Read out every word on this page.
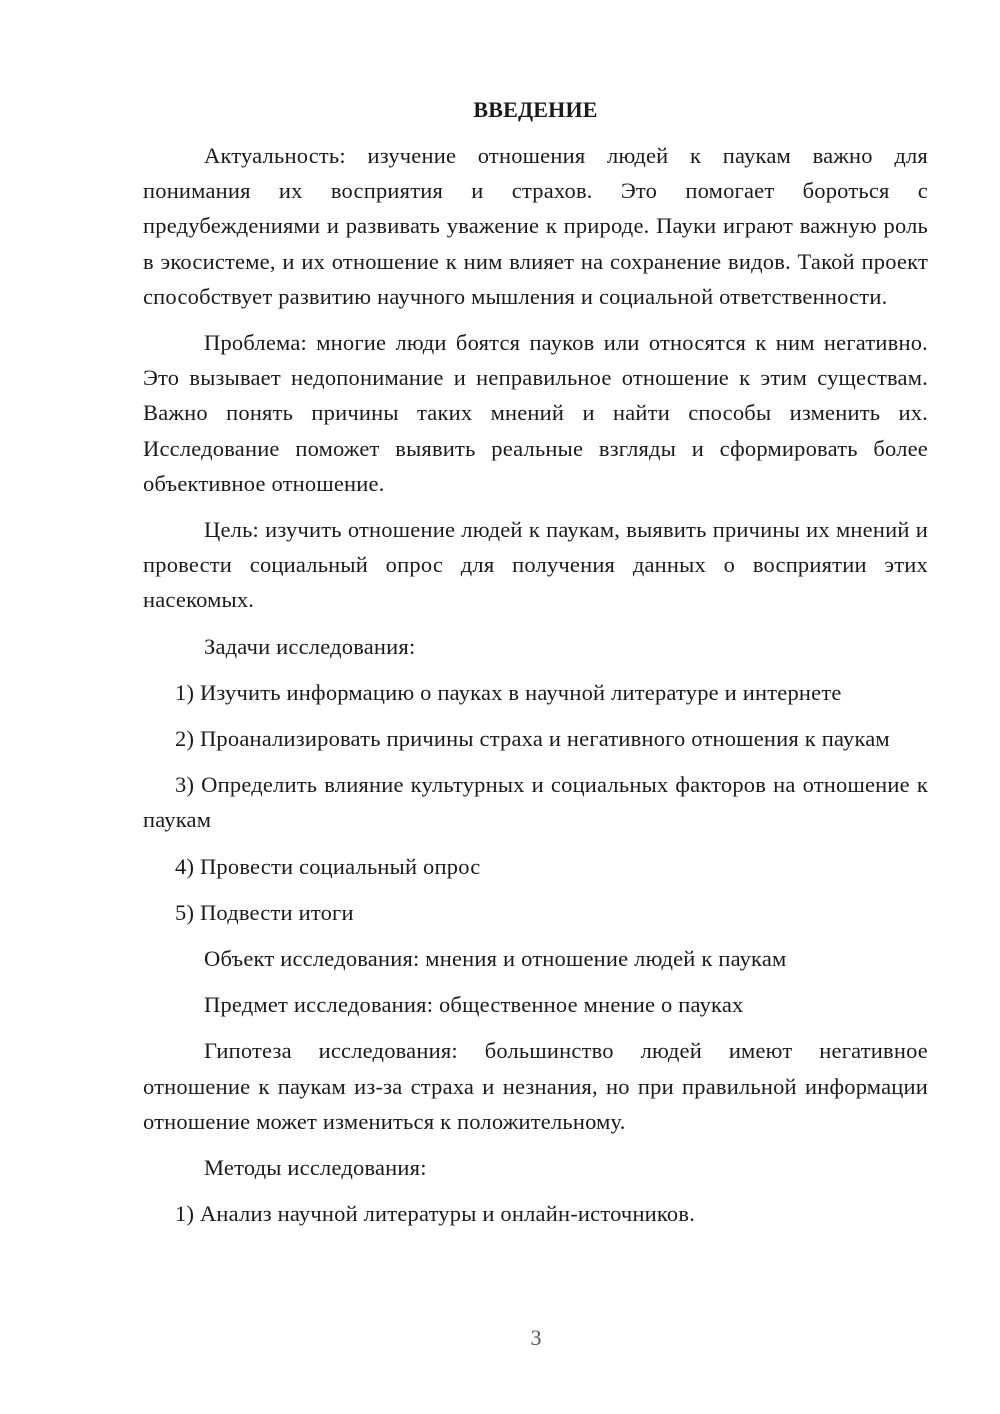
ВВЕДЕНИЕ

Актуальность: изучение отношения людей к паукам важно для понимания их восприятия и страхов. Это помогает бороться с предубеждениями и развивать уважение к природе. Пауки играют важную роль в экосистеме, и их отношение к ним влияет на сохранение видов. Такой проект способствует развитию научного мышления и социальной ответственности.

Проблема: многие люди боятся пауков или относятся к ним негативно. Это вызывает недопонимание и неправильное отношение к этим существам. Важно понять причины таких мнений и найти способы изменить их. Исследование поможет выявить реальные взгляды и сформировать более объективное отношение.

Цель: изучить отношение людей к паукам, выявить причины их мнений и провести социальный опрос для получения данных о восприятии этих насекомых.

Задачи исследования:

1) Изучить информацию о пауках в научной литературе и интернете

2) Проанализировать причины страха и негативного отношения к паукам

3) Определить влияние культурных и социальных факторов на отношение к паукам

4) Провести социальный опрос

5) Подвести итоги

Объект исследования: мнения и отношение людей к паукам

Предмет исследования: общественное мнение о пауках

Гипотеза исследования: большинство людей имеют негативное отношение к паукам из-за страха и незнания, но при правильной информации отношение может измениться к положительному.

Методы исследования:

1) Анализ научной литературы и онлайн-источников.

3
